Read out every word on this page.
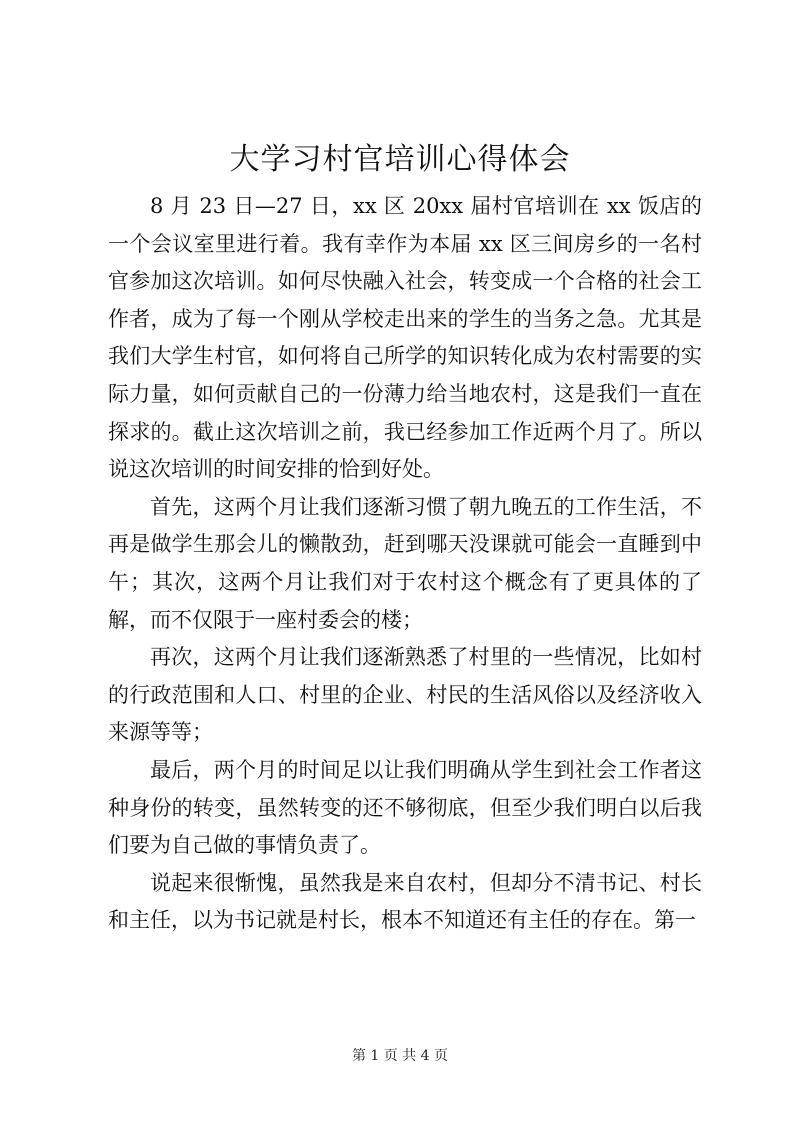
大学习村官培训心得体会

8 月 23 日—27 日，xx 区 20xx 届村官培训在 xx 饭店的一个会议室里进行着。我有幸作为本届 xx 区三间房乡的一名村官参加这次培训。如何尽快融入社会，转变成一个合格的社会工作者，成为了每一个刚从学校走出来的学生的当务之急。尤其是我们大学生村官，如何将自己所学的知识转化成为农村需要的实际力量，如何贡献自己的一份薄力给当地农村，这是我们一直在探求的。截止这次培训之前，我已经参加工作近两个月了。所以说这次培训的时间安排的恰到好处。

首先，这两个月让我们逐渐习惯了朝九晚五的工作生活，不再是做学生那会儿的懒散劲，赶到哪天没课就可能会一直睡到中午；其次，这两个月让我们对于农村这个概念有了更具体的了解，而不仅限于一座村委会的楼；

再次，这两个月让我们逐渐熟悉了村里的一些情况，比如村的行政范围和人口、村里的企业、村民的生活风俗以及经济收入来源等等；

最后，两个月的时间足以让我们明确从学生到社会工作者这种身份的转变，虽然转变的还不够彻底，但至少我们明白以后我们要为自己做的事情负责了。

说起来很惭愧，虽然我是来自农村，但却分不清书记、村长和主任，以为书记就是村长，根本不知道还有主任的存在。第一

第 1 页 共 4 页
